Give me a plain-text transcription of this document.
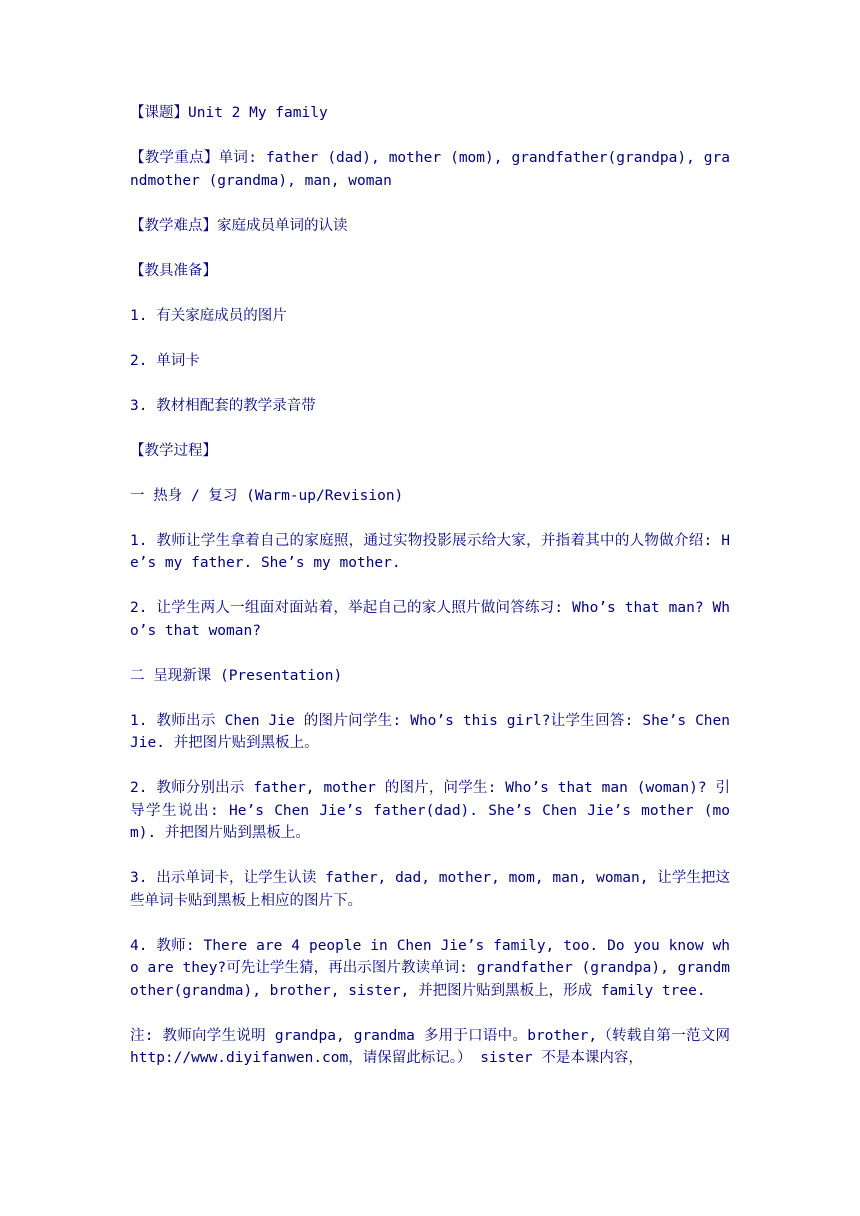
【课题】Unit 2 My family

【教学重点】单词: father (dad), mother (mom), grandfather(grandpa), grandmother (grandma), man, woman

【教学难点】家庭成员单词的认读

【教具准备】

1. 有关家庭成员的图片

2. 单词卡

3. 教材相配套的教学录音带

【教学过程】

一 热身 / 复习 (Warm-up/Revision)

1. 教师让学生拿着自己的家庭照，通过实物投影展示给大家，并指着其中的人物做介绍: He’s my father. She’s my mother.

2. 让学生两人一组面对面站着，举起自己的家人照片做问答练习: Who’s that man? Who’s that woman?

二 呈现新课 (Presentation)

1. 教师出示 Chen Jie 的图片问学生: Who’s this girl?让学生回答: She’s Chen Jie. 并把图片贴到黑板上。

2. 教师分别出示 father, mother 的图片，问学生: Who’s that man (woman)? 引导学生说出: He’s Chen Jie’s father(dad). She’s Chen Jie’s mother (mom). 并把图片贴到黑板上。

3. 出示单词卡，让学生认读 father, dad, mother, mom, man, woman, 让学生把这些单词卡贴到黑板上相应的图片下。

4. 教师: There are 4 people in Chen Jie’s family, too. Do you know who are they?可先让学生猜，再出示图片教读单词: grandfather (grandpa), grandmother(grandma), brother, sister, 并把图片贴到黑板上，形成 family tree.

注: 教师向学生说明 grandpa, grandma 多用于口语中。brother,（转载自第一范文网 http://www.diyifanwen.com，请保留此标记。） sister 不是本课内容，
